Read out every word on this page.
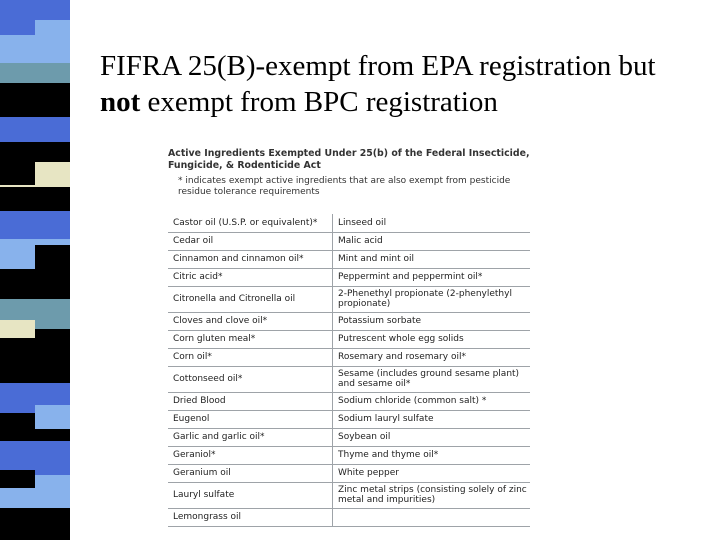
FIFRA 25(B)-exempt from EPA registration but not exempt from BPC registration

Active Ingredients Exempted Under 25(b) of the Federal Insecticide, Fungicide, & Rodenticide Act

* indicates exempt active ingredients that are also exempt from pesticide residue tolerance requirements

Castor oil (U.S.P. or equivalent)*	Linseed oil
Cedar oil	Malic acid
Cinnamon and cinnamon oil*	Mint and mint oil
Citric acid*	Peppermint and peppermint oil*
Citronella and Citronella oil	2-Phenethyl propionate (2-phenylethyl propionate)
Cloves and clove oil*	Potassium sorbate
Corn gluten meal*	Putrescent whole egg solids
Corn oil*	Rosemary and rosemary oil*
Cottonseed oil*	Sesame (includes ground sesame plant) and sesame oil*
Dried Blood	Sodium chloride (common salt) *
Eugenol	Sodium lauryl sulfate
Garlic and garlic oil*	Soybean oil
Geraniol*	Thyme and thyme oil*
Geranium oil	White pepper
Lauryl sulfate	Zinc metal strips (consisting solely of zinc metal and impurities)
Lemongrass oil	
